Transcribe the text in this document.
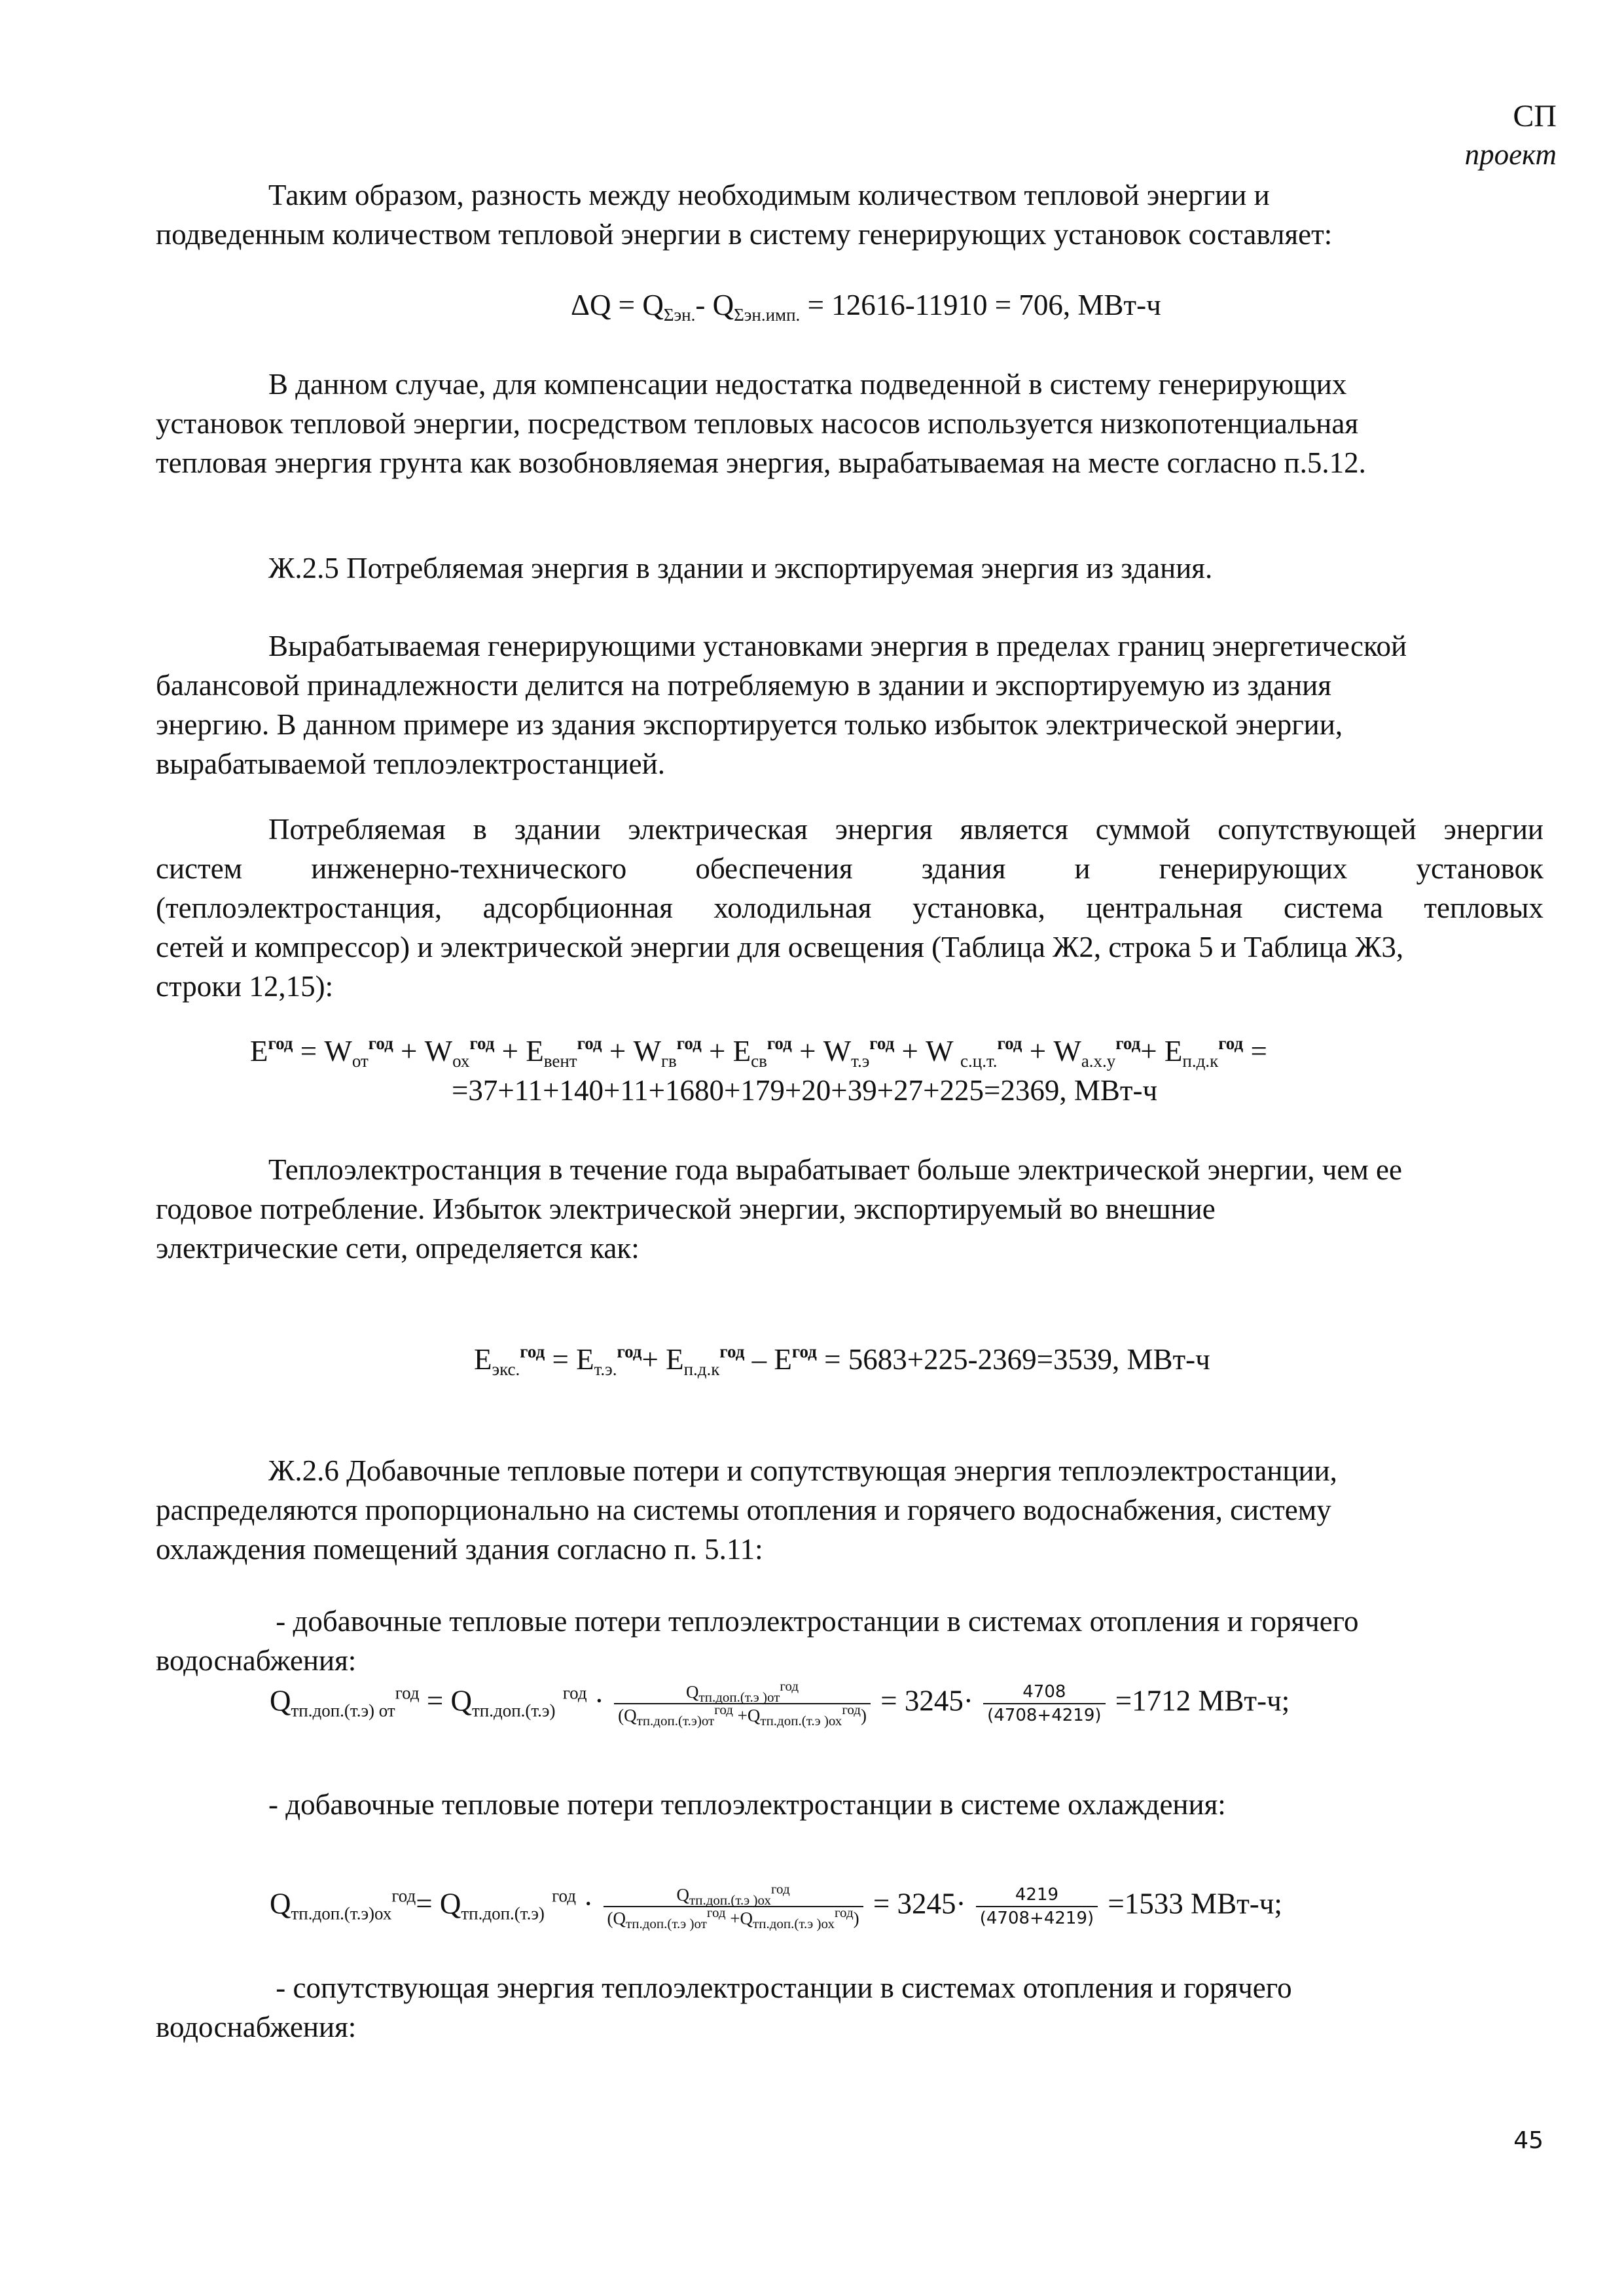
СП
проект
Таким образом, разность между необходимым количеством тепловой энергии и
подведенным количеством тепловой энергии в систему генерирующих установок составляет:
$\Delta Q = Q_{\Sigma эн.}-$ $Q_{\Sigma эн.имп.} = 12616-11910 = 706$, МВт-ч
В данном случае, для компенсации недостатка подведенной в систему генерирующих
установок тепловой энергии, посредством тепловых насосов используется низкопотенциальная
тепловая энергия грунта как возобновляемая энергия, вырабатываемая на месте согласно п.5.12.
Ж.2.5 Потребляемая энергия в здании и экспортируемая энергия из здания.
Вырабатываемая генерирующими установками энергия в пределах границ энергетической
балансовой принадлежности делится на потребляемую в здании и экспортируемую из здания
энергию. В данном примере из здания экспортируется только избыток электрической энергии,
вырабатываемой теплоэлектростанцией.
Потребляемая в здании электрическая энергия является суммой сопутствующей энергии
систем инженерно-технического обеспечения здания и генерирующих установок
(теплоэлектростанция, адсорбционная холодильная установка, центральная система тепловых
сетей и компрессор) и электрической энергии для освещения (Таблица Ж2, строка 5 и Таблица Ж3,
строки 12,15):
$E^{год} = W_{от}^{год} + W_{ох}^{год} + E_{вент}^{год} + W_{гв}^{год} + E_{св}^{год} + W_{т.э}^{год} + W$ $_{с.ц.т.}^{год} + W_{а.х.у}^{год}+ E_{п.д.к}^{год}$ =
=37+11+140+11+1680+179+20+39+27+225=2369, МВт-ч
Теплоэлектростанция в течение года вырабатывает больше электрической энергии, чем ее
годовое потребление. Избыток электрической энергии, экспортируемый во внешние
электрические сети, определяется как:
$E_{экс.}^{год} = E_{т.э.}^{год}+ E_{п.д.к}^{год} - E^{год} = 5683+225-2369=3539$, МВт-ч
Ж.2.6 Добавочные тепловые потери и сопутствующая энергия теплоэлектростанции,
распределяются пропорционально на системы отопления и горячего водоснабжения, систему
охлаждения помещений здания согласно п. 5.11:
- добавочные тепловые потери теплоэлектростанции в системах отопления и горячего
водоснабжения:
$Q_{тп.доп.(т.э) от}^{год} = Q_{тп.доп.(т.э)}$ $^{год} \cdot \frac{Q_{тп.доп.(т.э )от}^{год}}{(Q_{тп.доп.(т.э)от}^{год} +Q_{тп.доп.(т.э )ох}^{год})} = 3245\cdot \frac{4708}{(4708+4219)} =1712$ МВт-ч;
- добавочные тепловые потери теплоэлектростанции в системе охлаждения:
$Q_{тп.доп.(т.э)ох}^{год}= Q_{тп.доп.(т.э)}$ $^{год} \cdot \frac{Q_{тп.доп.(т.э )ох}^{год}}{(Q_{тп.доп.(т.э )от}^{год} +Q_{тп.доп.(т.э )ох}^{год})} = 3245\cdot \frac{4219}{(4708+4219)} =1533$ МВт-ч;
- сопутствующая энергия теплоэлектростанции в системах отопления и горячего
водоснабжения:
45
